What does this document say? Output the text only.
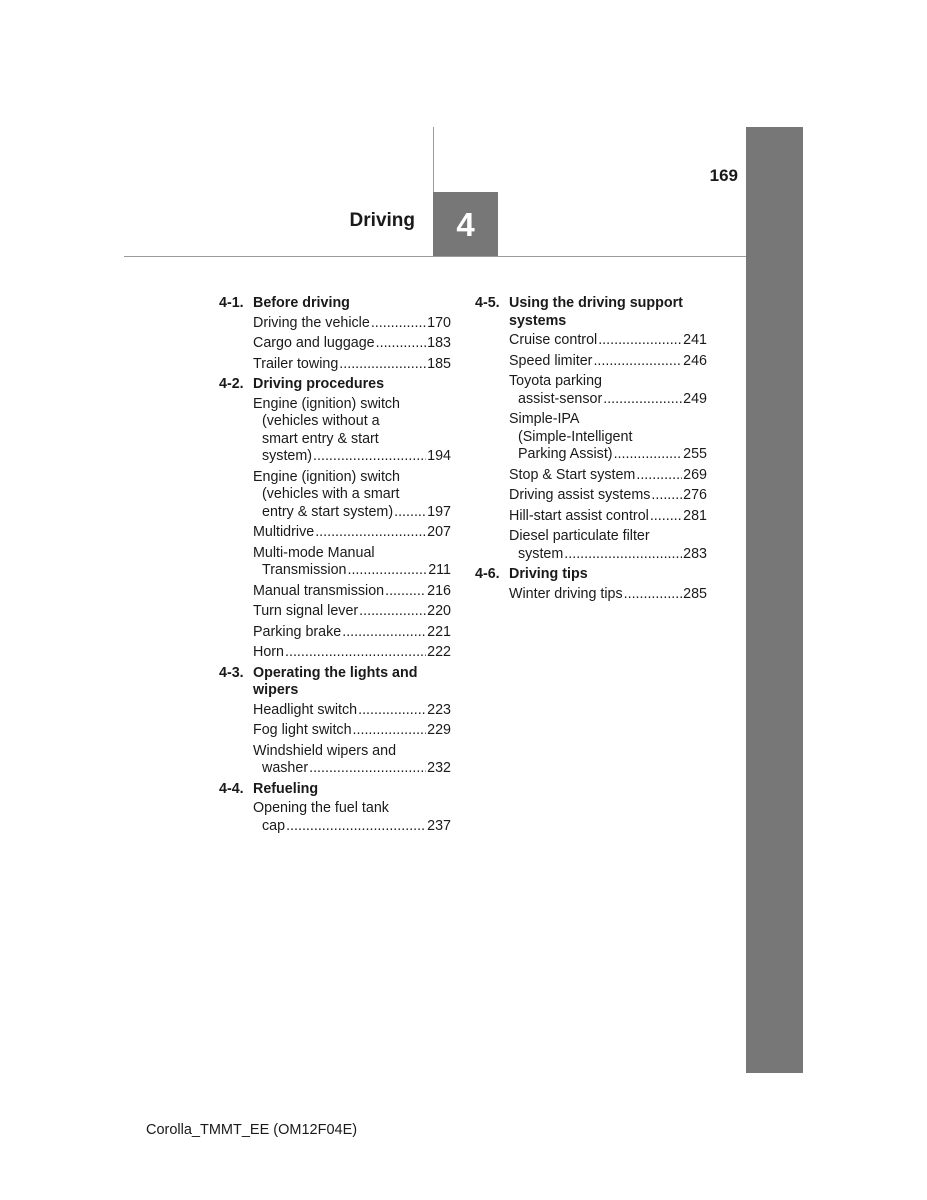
169
Driving 4
4-1. Before driving
Driving the vehicle .....	170
Cargo and luggage .....	183
Trailer towing .....	185
4-2. Driving procedures
Engine (ignition) switch
(vehicles without a
smart entry & start
system) .....	194
Engine (ignition) switch
(vehicles with a smart
entry & start system) ..... 197
Multidrive .....	207
Multi-mode Manual
Transmission .....	211
Manual transmission .....	216
Turn signal lever .....	220
Parking brake .....	221
Horn .....	222
4-3. Operating the lights and wipers
Headlight switch .....	223
Fog light switch .....	229
Windshield wipers and
washer .....	232
4-4. Refueling
Opening the fuel tank
cap .....	237
4-5. Using the driving support systems
Cruise control .....	241
Speed limiter .....	246
Toyota parking
assist-sensor .....	249
Simple-IPA
(Simple-Intelligent
Parking Assist) .....	255
Stop & Start system .....	269
Driving assist systems ..... 276
Hill-start assist control ..... 281
Diesel particulate filter
system .....	283
4-6. Driving tips
Winter driving tips .....	285
Corolla_TMMT_EE (OM12F04E)
